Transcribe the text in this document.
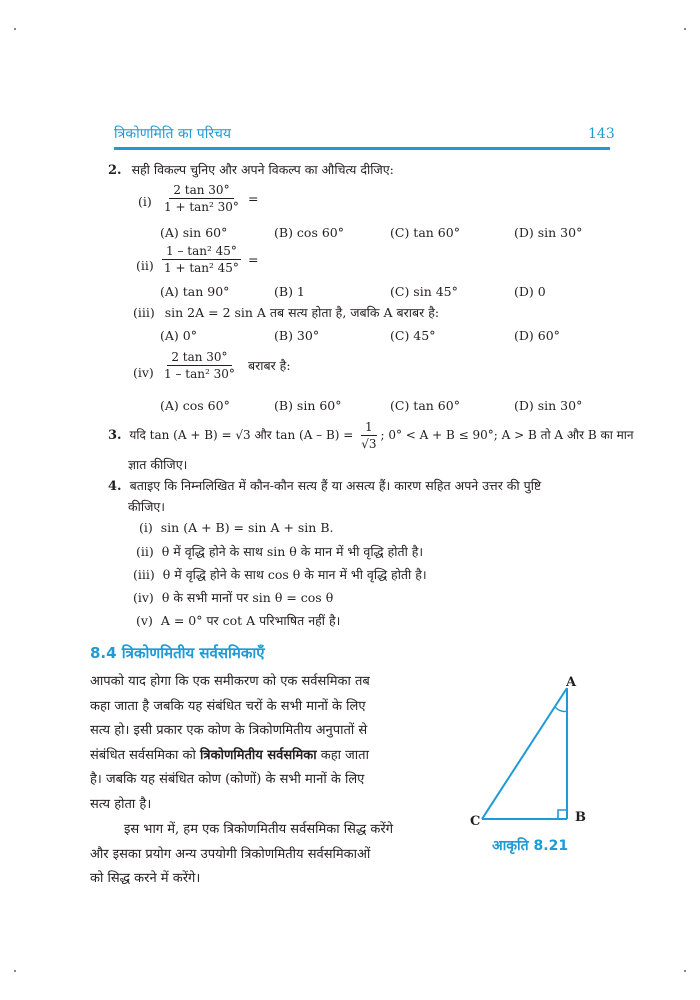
त्रिकोणमिति का परिचय	143
2. सही विकल्प चुनिए और अपने विकल्प का औचित्य दीजिए:
$(i) \frac{2 \tan 30^\circ}{\text{1 + tan² 30°}}$ =
(A) sin 60°	(B) cos 60°	(C) tan 60°	(D) sin 30°
$(ii) \frac{\text{1 – tan² 45°}}{\text{1 + tan² 45°}}$ =
(A) tan 90°	(B) 1	(C) sin 45°	(D) 0
(iii) sin 2A = 2 sin A तब सत्य होता है, जबकि A बराबर है:
(A) 0°	(B) 30°	(C) 45°	(D) 60°
$(iv) \frac{2 \tan 30^\circ}{\text{1 – tan² 30°}}$ बराबर है:
(A) cos 60°	(B) sin 60°	(C) tan 60°	(D) sin 30°
3. यदि tan (A + B) = √3 और $\tan (A - B) = \frac{1}{√3}$ ; 0° < A + B ≤ 90°; A > B तो A और B का मान
ज्ञात कीजिए।
4. बताइए कि निम्नलिखित में कौन-कौन सत्य हैं या असत्य हैं। कारण सहित अपने उत्तर की पुष्टि
कीजिए।
(i) sin (A + B) = sin A + sin B.
(ii) θ में वृद्धि होने के साथ sin θ के मान में भी वृद्धि होती है।
(iii) θ में वृद्धि होने के साथ cos θ के मान में भी वृद्धि होती है।
(iv) θ के सभी मानों पर sin θ = cos θ
(v) A = 0° पर cot A परिभाषित नहीं है।
8.4 त्रिकोणमितीय सर्वसमिकाएँ
आपको याद होगा कि एक समीकरण को एक सर्वसमिका तब
कहा जाता है जबकि यह संबंधित चरों के सभी मानों के लिए
सत्य हो। इसी प्रकार एक कोण के त्रिकोणमितीय अनुपातों से
संबंधित सर्वसमिका को त्रिकोणमितीय सर्वसमिका कहा जाता
है। जबकि यह संबंधित कोण (कोणों) के सभी मानों के लिए
सत्य होता है।
इस भाग में, हम एक त्रिकोणमितीय सर्वसमिका सिद्ध करेंगे
और इसका प्रयोग अन्य उपयोगी त्रिकोणमितीय सर्वसमिकाओं
को सिद्ध करने में करेंगे।
A
B
C
आकृति 8.21
